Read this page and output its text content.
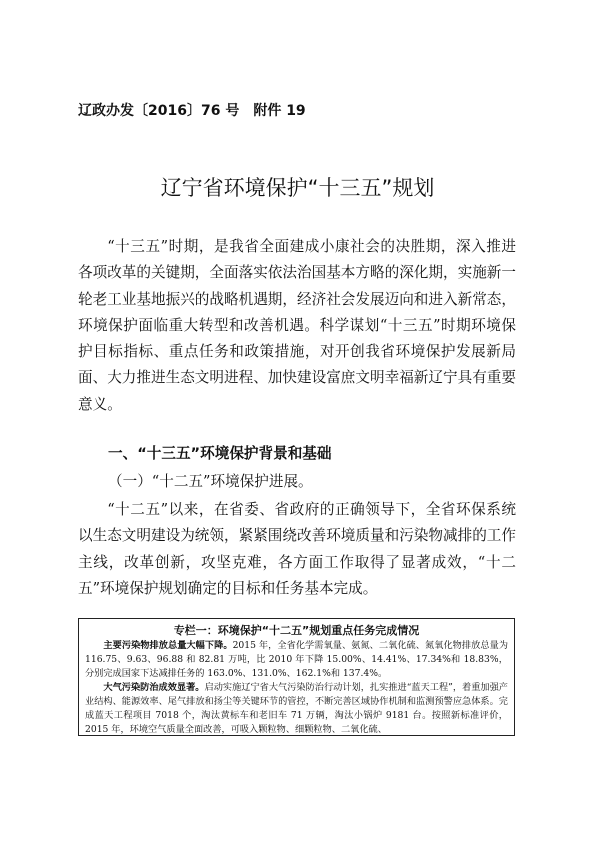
辽政办发〔2016〕76 号　附件 19
辽宁省环境保护“十三五”规划
“十三五”时期，是我省全面建成小康社会的决胜期，深入推进各项改革的关键期，全面落实依法治国基本方略的深化期，实施新一轮老工业基地振兴的战略机遇期，经济社会发展迈向和进入新常态，环境保护面临重大转型和改善机遇。科学谋划“十三五”时期环境保护目标指标、重点任务和政策措施，对开创我省环境保护发展新局面、大力推进生态文明进程、加快建设富庶文明幸福新辽宁具有重要意义。
一、“十三五”环境保护背景和基础
（一）“十二五”环境保护进展。
“十二五”以来，在省委、省政府的正确领导下，全省环保系统以生态文明建设为统领，紧紧围绕改善环境质量和污染物减排的工作主线，改革创新，攻坚克难，各方面工作取得了显著成效，“十二五”环境保护规划确定的目标和任务基本完成。
专栏一：环境保护“十二五”规划重点任务完成情况

主要污染物排放总量大幅下降。2015 年，全省化学需氧量、氨氮、二氧化硫、氮氧化物排放总量为 116.75、9.63、96.88 和 82.81 万吨，比 2010 年下降 15.00%、14.41%、17.34%和 18.83%，分别完成国家下达减排任务的 163.0%、131.0%、162.1%和 137.4%。

大气污染防治成效显著。启动实施辽宁省大气污染防治行动计划，扎实推进“蓝天工程”，着重加强产业结构、能源效率、尾气排放和扬尘等关键环节的管控，不断完善区域协作机制和监测预警应急体系。完成蓝天工程项目 7018 个，淘汰黄标车和老旧车 71 万辆，淘汰小锅炉 9181 台。按照新标准评价，2015 年，环境空气质量全面改善，可吸入颗粒物、细颗粒物、二氧化硫、
